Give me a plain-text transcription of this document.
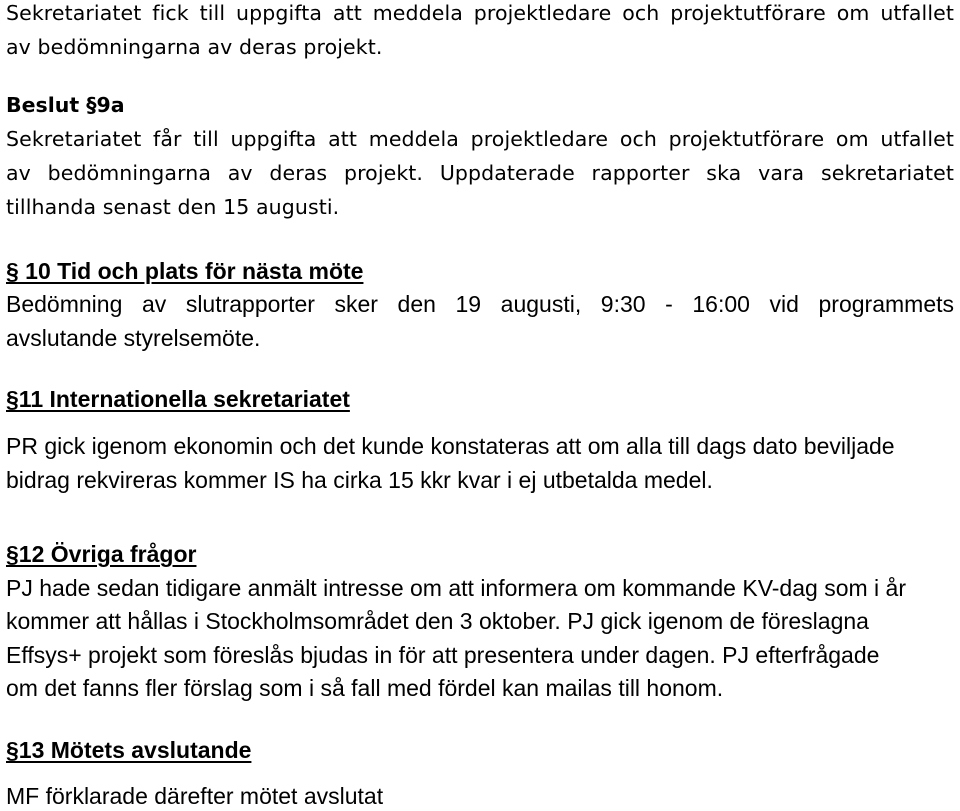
Sekretariatet fick till uppgifta att meddela projektledare och projektutförare om utfallet

av bedömningarna av deras projekt.

Beslut §9a

Sekretariatet får till uppgifta att meddela projektledare och projektutförare om utfallet

av bedömningarna av deras projekt. Uppdaterade rapporter ska vara sekretariatet

tillhanda senast den 15 augusti.

§ 10 Tid och plats för nästa möte

Bedömning av slutrapporter sker den 19 augusti, 9:30 - 16:00 vid programmets

avslutande styrelsemöte.

§11 Internationella sekretariatet

PR gick igenom ekonomin och det kunde konstateras att om alla till dags dato beviljade

bidrag rekvireras kommer IS ha cirka 15 kkr kvar i ej utbetalda medel.

§12 Övriga frågor

PJ hade sedan tidigare anmält intresse om att informera om kommande KV-dag som i år

kommer att hållas i Stockholmsområdet den 3 oktober. PJ gick igenom de föreslagna

Effsys+ projekt som föreslås bjudas in för att presentera under dagen. PJ efterfrågade

om det fanns fler förslag som i så fall med fördel kan mailas till honom.

§13 Mötets avslutande

MF förklarade därefter mötet avslutat
